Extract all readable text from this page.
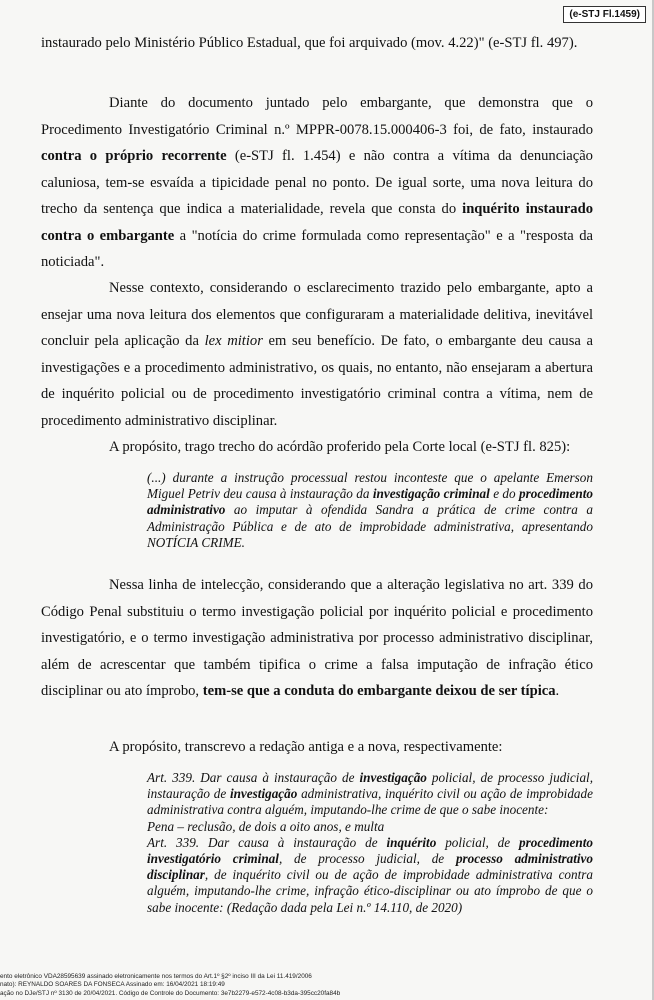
(e-STJ Fl.1459)

instaurado pelo Ministério Público Estadual, que foi arquivado (mov. 4.22)" (e-STJ fl. 497).

Diante do documento juntado pelo embargante, que demonstra que o Procedimento Investigatório Criminal n.º MPPR-0078.15.000406-3 foi, de fato, instaurado contra o próprio recorrente (e-STJ fl. 1.454) e não contra a vítima da denunciação caluniosa, tem-se esvaída a tipicidade penal no ponto. De igual sorte, uma nova leitura do trecho da sentença que indica a materialidade, revela que consta do inquérito instaurado contra o embargante a "notícia do crime formulada como representação" e a "resposta da noticiada".

Nesse contexto, considerando o esclarecimento trazido pelo embargante, apto a ensejar uma nova leitura dos elementos que configuraram a materialidade delitiva, inevitável concluir pela aplicação da lex mitior em seu benefício. De fato, o embargante deu causa a investigações e a procedimento administrativo, os quais, no entanto, não ensejaram a abertura de inquérito policial ou de procedimento investigatório criminal contra a vítima, nem de procedimento administrativo disciplinar.

A propósito, trago trecho do acórdão proferido pela Corte local (e-STJ fl. 825):

(...) durante a instrução processual restou inconteste que o apelante Emerson Miguel Petriv deu causa à instauração da investigação criminal e do procedimento administrativo ao imputar à ofendida Sandra a prática de crime contra a Administração Pública e de ato de improbidade administrativa, apresentando NOTÍCIA CRIME.

Nessa linha de intelecção, considerando que a alteração legislativa no art. 339 do Código Penal substituiu o termo investigação policial por inquérito policial e procedimento investigatório, e o termo investigação administrativa por processo administrativo disciplinar, além de acrescentar que também tipifica o crime a falsa imputação de infração ético disciplinar ou ato ímprobo, tem-se que a conduta do embargante deixou de ser típica.

A propósito, transcrevo a redação antiga e a nova, respectivamente:

Art. 339. Dar causa à instauração de investigação policial, de processo judicial, instauração de investigação administrativa, inquérito civil ou ação de improbidade administrativa contra alguém, imputando-lhe crime de que o sabe inocente:
Pena – reclusão, de dois a oito anos, e multa
Art. 339. Dar causa à instauração de inquérito policial, de procedimento investigatório criminal, de processo judicial, de processo administrativo disciplinar, de inquérito civil ou de ação de improbidade administrativa contra alguém, imputando-lhe crime, infração ético-disciplinar ou ato ímprobo de que o sabe inocente: (Redação dada pela Lei n.º 14.110, de 2020)
ento eletrônico VDA28595639 assinado eletronicamente nos termos do Art.1º §2º inciso III da Lei 11.419/2006
nato): REYNALDO SOARES DA FONSECA Assinado em: 16/04/2021 18:19:49
ação no DJe/STJ nº 3130 de 20/04/2021. Código de Controle do Documento: 3e7b2279-e572-4c08-b3da-395cc20fa84b
